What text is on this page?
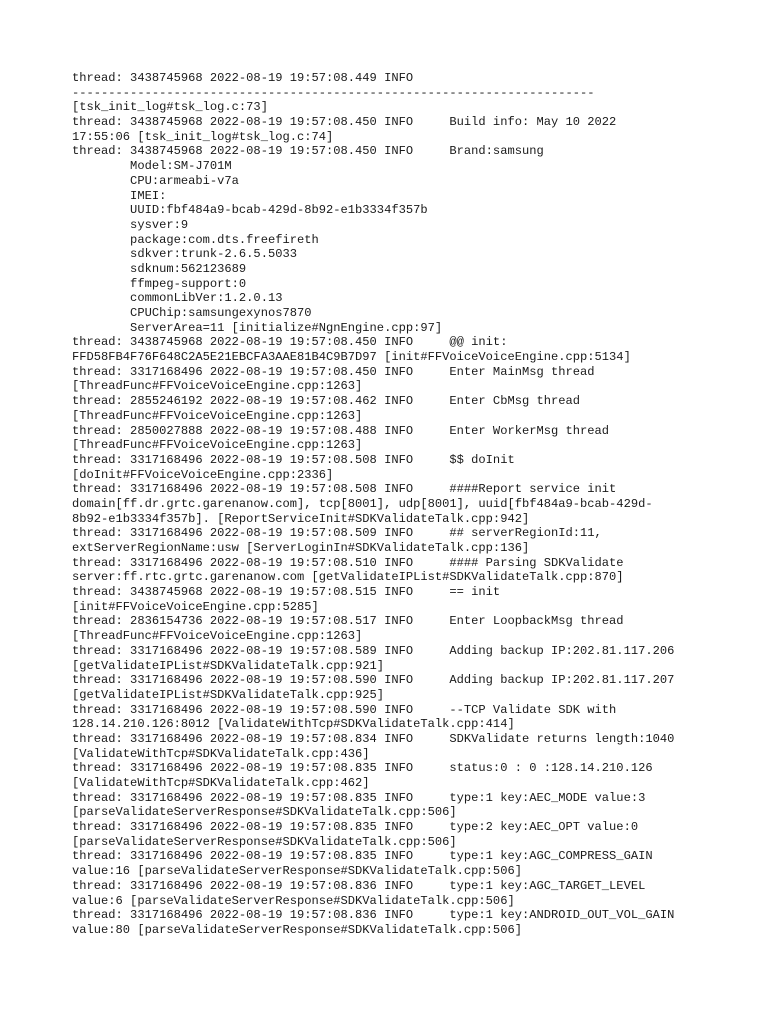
thread: 3438745968 2022-08-19 19:57:08.449 INFO
------------------------------------------------------------------------
[tsk_init_log#tsk_log.c:73]
thread: 3438745968 2022-08-19 19:57:08.450 INFO     Build info: May 10 2022
17:55:06 [tsk_init_log#tsk_log.c:74]
thread: 3438745968 2022-08-19 19:57:08.450 INFO     Brand:samsung
Model:SM-J701M
CPU:armeabi-v7a
IMEI:
UUID:fbf484a9-bcab-429d-8b92-e1b3334f357b
sysver:9
package:com.dts.freefireth
sdkver:trunk-2.6.5.5033
sdknum:562123689
ffmpeg-support:0
commonLibVer:1.2.0.13
CPUChip:samsungexynos7870
ServerArea=11 [initialize#NgnEngine.cpp:97]
thread: 3438745968 2022-08-19 19:57:08.450 INFO     @@ init:
FFD58FB4F76F648C2A5E21EBCFA3AAE81B4C9B7D97 [init#FFVoiceVoiceEngine.cpp:5134]
thread: 3317168496 2022-08-19 19:57:08.450 INFO     Enter MainMsg thread
[ThreadFunc#FFVoiceVoiceEngine.cpp:1263]
thread: 2855246192 2022-08-19 19:57:08.462 INFO     Enter CbMsg thread
[ThreadFunc#FFVoiceVoiceEngine.cpp:1263]
thread: 2850027888 2022-08-19 19:57:08.488 INFO     Enter WorkerMsg thread
[ThreadFunc#FFVoiceVoiceEngine.cpp:1263]
thread: 3317168496 2022-08-19 19:57:08.508 INFO     $$ doInit
[doInit#FFVoiceVoiceEngine.cpp:2336]
thread: 3317168496 2022-08-19 19:57:08.508 INFO     ####Report service init
domain[ff.dr.grtc.garenanow.com], tcp[8001], udp[8001], uuid[fbf484a9-bcab-429d-
8b92-e1b3334f357b]. [ReportServiceInit#SDKValidateTalk.cpp:942]
thread: 3317168496 2022-08-19 19:57:08.509 INFO     ## serverRegionId:11,
extServerRegionName:usw [ServerLoginIn#SDKValidateTalk.cpp:136]
thread: 3317168496 2022-08-19 19:57:08.510 INFO     #### Parsing SDKValidate
server:ff.rtc.grtc.garenanow.com [getValidateIPList#SDKValidateTalk.cpp:870]
thread: 3438745968 2022-08-19 19:57:08.515 INFO     == init
[init#FFVoiceVoiceEngine.cpp:5285]
thread: 2836154736 2022-08-19 19:57:08.517 INFO     Enter LoopbackMsg thread
[ThreadFunc#FFVoiceVoiceEngine.cpp:1263]
thread: 3317168496 2022-08-19 19:57:08.589 INFO     Adding backup IP:202.81.117.206
[getValidateIPList#SDKValidateTalk.cpp:921]
thread: 3317168496 2022-08-19 19:57:08.590 INFO     Adding backup IP:202.81.117.207
[getValidateIPList#SDKValidateTalk.cpp:925]
thread: 3317168496 2022-08-19 19:57:08.590 INFO     --TCP Validate SDK with
128.14.210.126:8012 [ValidateWithTcp#SDKValidateTalk.cpp:414]
thread: 3317168496 2022-08-19 19:57:08.834 INFO     SDKValidate returns length:1040
[ValidateWithTcp#SDKValidateTalk.cpp:436]
thread: 3317168496 2022-08-19 19:57:08.835 INFO     status:0 : 0 :128.14.210.126
[ValidateWithTcp#SDKValidateTalk.cpp:462]
thread: 3317168496 2022-08-19 19:57:08.835 INFO     type:1 key:AEC_MODE value:3
[parseValidateServerResponse#SDKValidateTalk.cpp:506]
thread: 3317168496 2022-08-19 19:57:08.835 INFO     type:2 key:AEC_OPT value:0
[parseValidateServerResponse#SDKValidateTalk.cpp:506]
thread: 3317168496 2022-08-19 19:57:08.835 INFO     type:1 key:AGC_COMPRESS_GAIN
value:16 [parseValidateServerResponse#SDKValidateTalk.cpp:506]
thread: 3317168496 2022-08-19 19:57:08.836 INFO     type:1 key:AGC_TARGET_LEVEL
value:6 [parseValidateServerResponse#SDKValidateTalk.cpp:506]
thread: 3317168496 2022-08-19 19:57:08.836 INFO     type:1 key:ANDROID_OUT_VOL_GAIN
value:80 [parseValidateServerResponse#SDKValidateTalk.cpp:506]
